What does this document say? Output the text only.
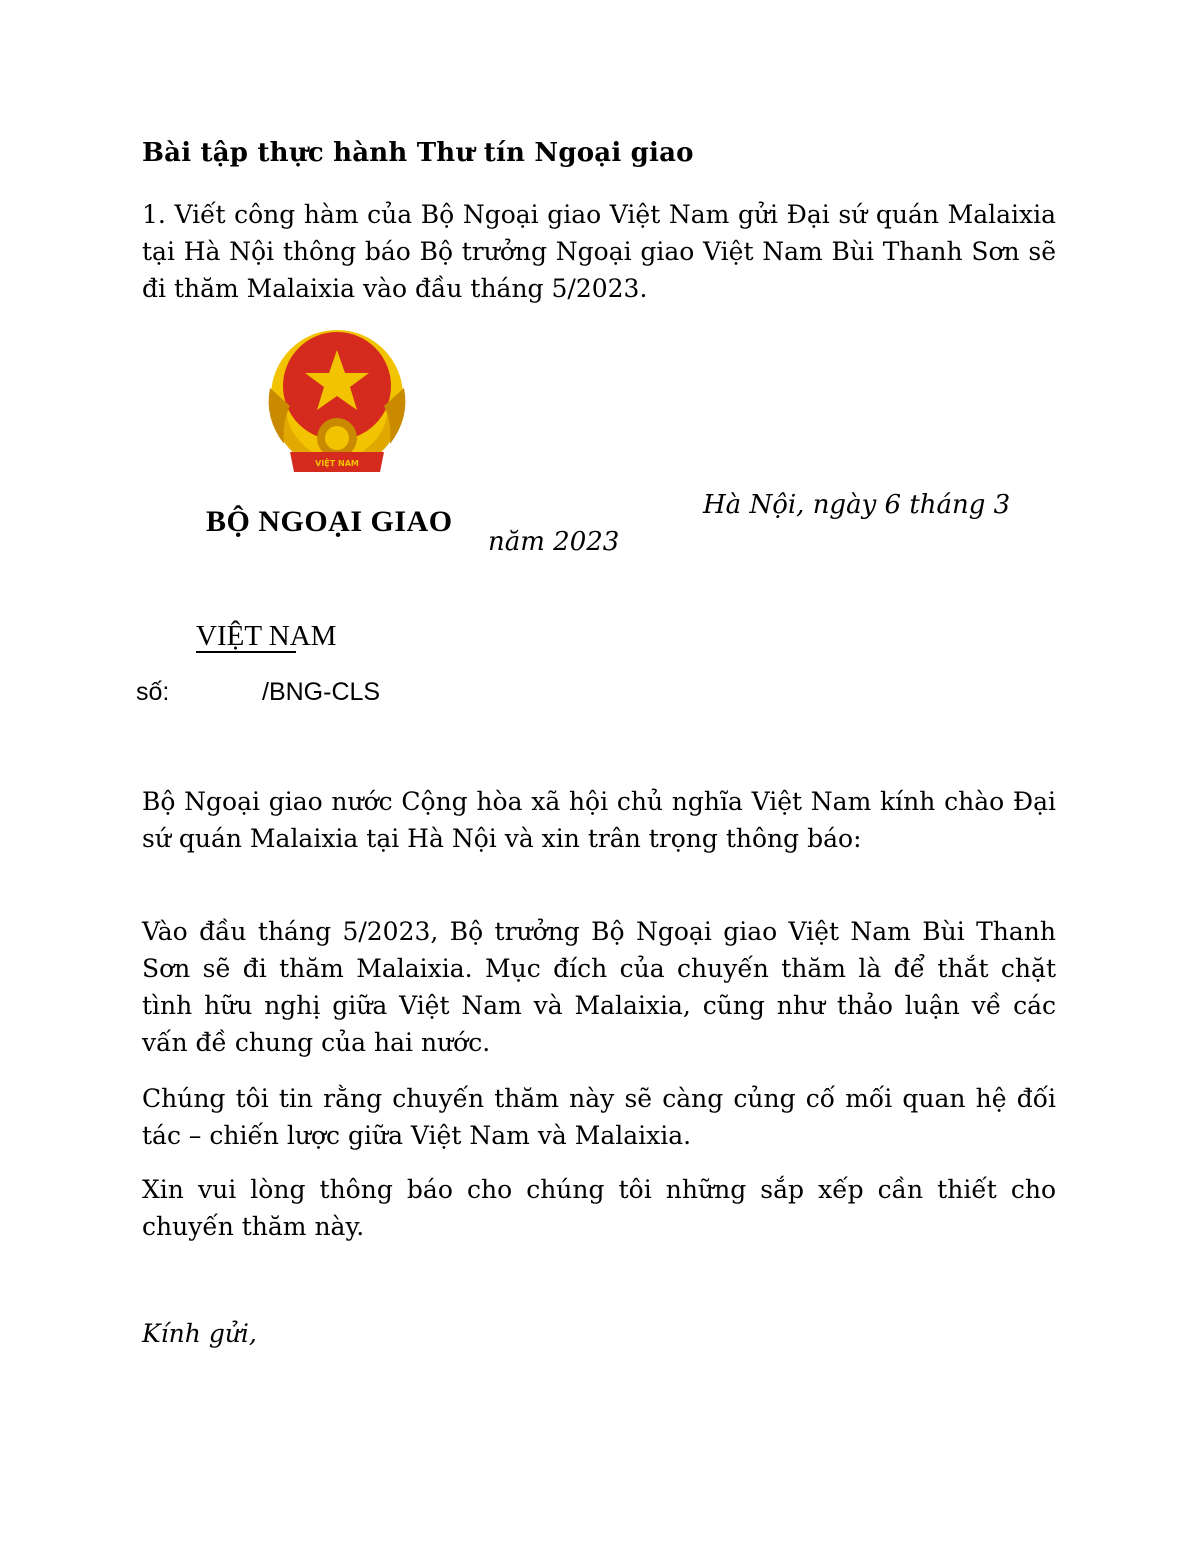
Bài tập thực hành Thư tín Ngoại giao

1. Viết công hàm của Bộ Ngoại giao Việt Nam gửi Đại sứ quán Malaixia tại Hà Nội thông báo Bộ trưởng Ngoại giao Việt Nam Bùi Thanh Sơn sẽ đi thăm Malaixia vào đầu tháng 5/2023.

VIỆT NAM
BỘ NGOẠI GIAO	Hà Nội, ngày 6 tháng 3
năm 2023
VIỆT NAM
số:	/BNG-CLS

Bộ Ngoại giao nước Cộng hòa xã hội chủ nghĩa Việt Nam kính chào Đại sứ quán Malaixia tại Hà Nội và xin trân trọng thông báo:

Vào đầu tháng 5/2023, Bộ trưởng Bộ Ngoại giao Việt Nam Bùi Thanh Sơn sẽ đi thăm Malaixia. Mục đích của chuyến thăm là để thắt chặt tình hữu nghị giữa Việt Nam và Malaixia, cũng như thảo luận về các vấn đề chung của hai nước.

Chúng tôi tin rằng chuyến thăm này sẽ càng củng cố mối quan hệ đối tác – chiến lược giữa Việt Nam và Malaixia.

Xin vui lòng thông báo cho chúng tôi những sắp xếp cần thiết cho chuyến thăm này.

Kính gửi,
